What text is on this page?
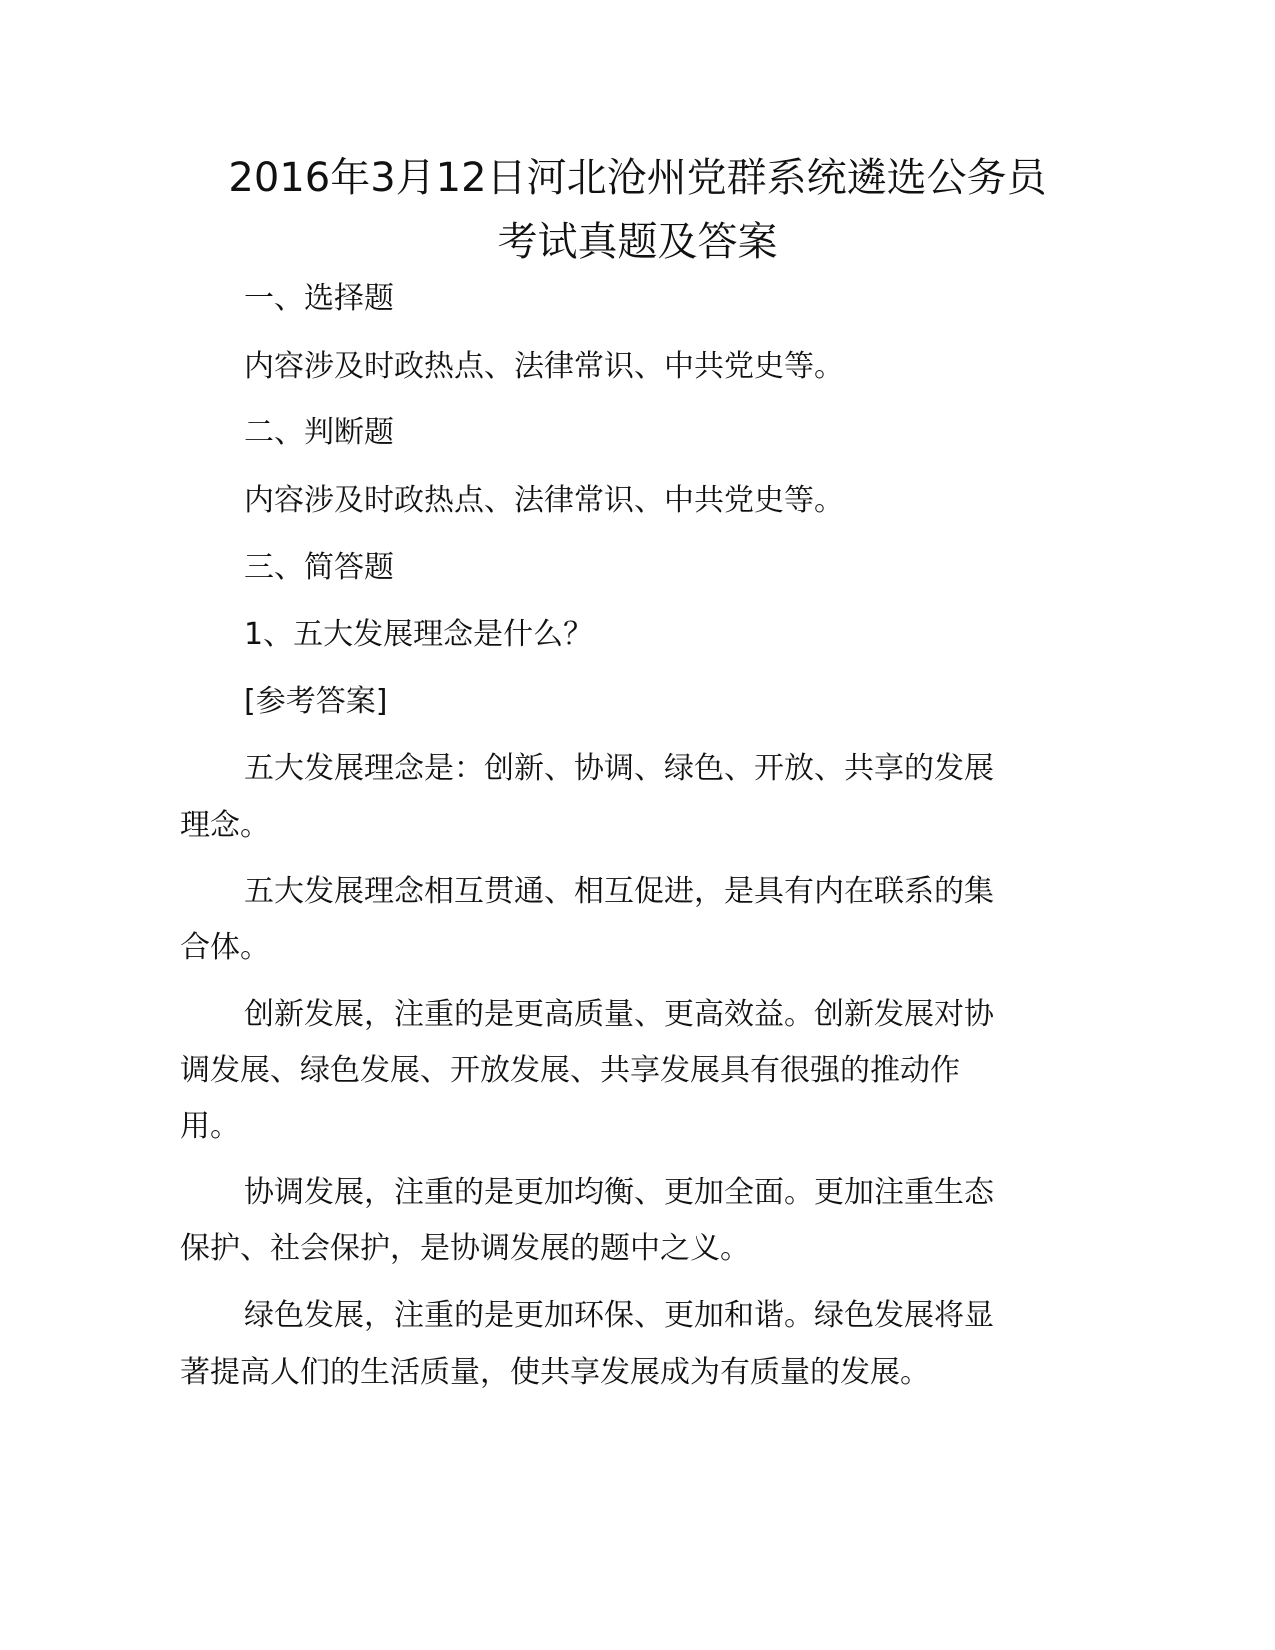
2016年3月12日河北沧州党群系统遴选公务员
考试真题及答案

一、选择题

内容涉及时政热点、法律常识、中共党史等。

二、判断题

内容涉及时政热点、法律常识、中共党史等。

三、简答题

1、五大发展理念是什么？

[参考答案]

五大发展理念是：创新、协调、绿色、开放、共享的发展

理念。

五大发展理念相互贯通、相互促进，是具有内在联系的集

合体。

创新发展，注重的是更高质量、更高效益。创新发展对协

调发展、绿色发展、开放发展、共享发展具有很强的推动作

用。

协调发展，注重的是更加均衡、更加全面。更加注重生态

保护、社会保护，是协调发展的题中之义。

绿色发展，注重的是更加环保、更加和谐。绿色发展将显

著提高人们的生活质量，使共享发展成为有质量的发展。
